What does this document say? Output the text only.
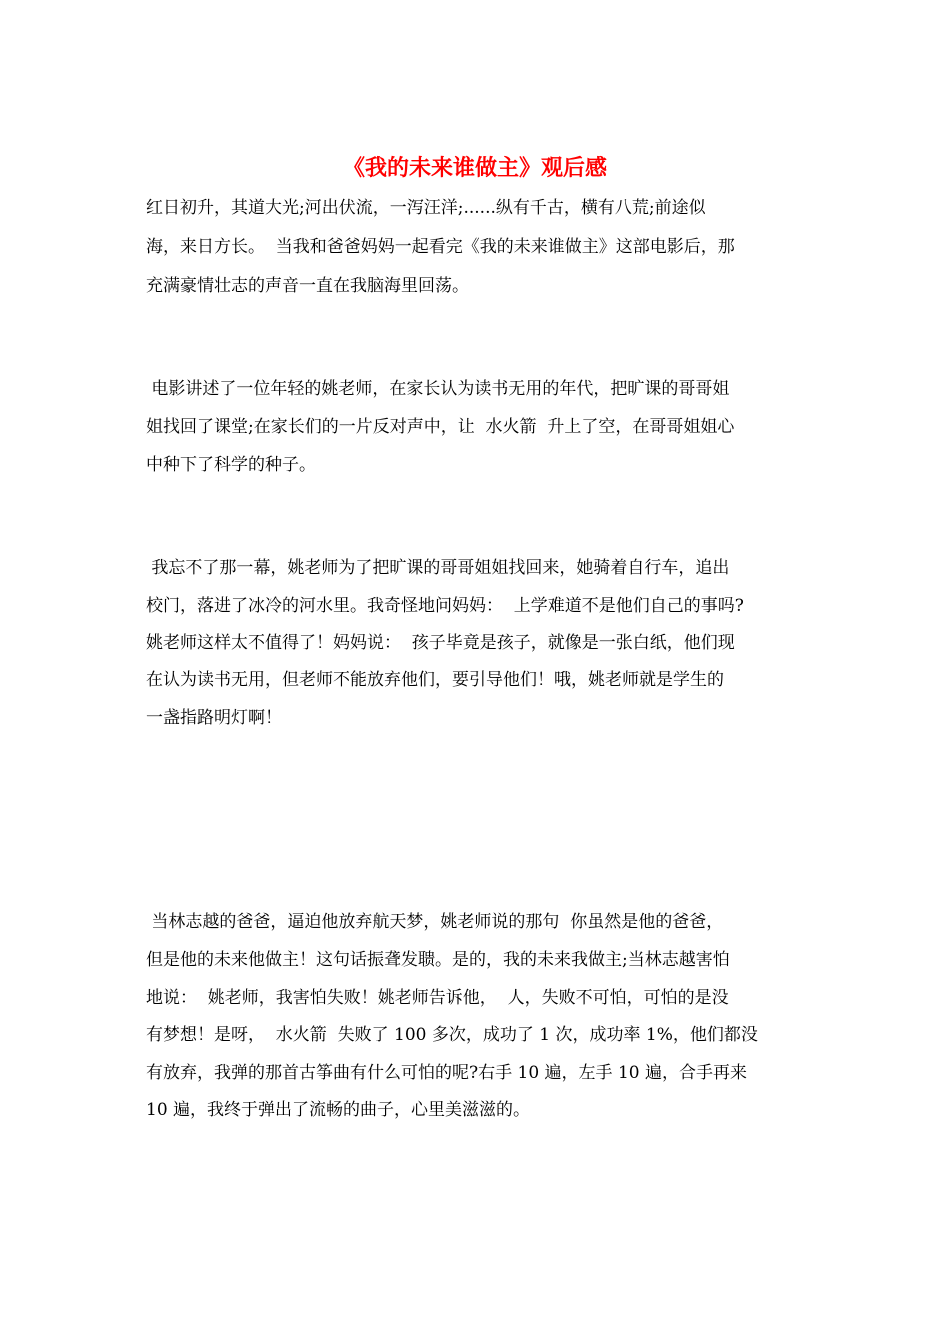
《我的未来谁做主》观后感

红日初升，其道大光;河出伏流，一泻汪洋;......纵有千古，横有八荒;前途似

海，来日方长。  当我和爸爸妈妈一起看完《我的未来谁做主》这部电影后，那

充满豪情壮志的声音一直在我脑海里回荡。

电影讲述了一位年轻的姚老师，在家长认为读书无用的年代，把旷课的哥哥姐

姐找回了课堂;在家长们的一片反对声中，让  水火箭  升上了空，在哥哥姐姐心

中种下了科学的种子。

我忘不了那一幕，姚老师为了把旷课的哥哥姐姐找回来，她骑着自行车，追出

校门，落进了冰冷的河水里。我奇怪地问妈妈：  上学难道不是他们自己的事吗?

姚老师这样太不值得了！妈妈说：  孩子毕竟是孩子，就像是一张白纸，他们现

在认为读书无用，但老师不能放弃他们，要引导他们！哦，姚老师就是学生的

一盏指路明灯啊！

当林志越的爸爸，逼迫他放弃航天梦，姚老师说的那句  你虽然是他的爸爸，

但是他的未来他做主！这句话振聋发聩。是的，我的未来我做主;当林志越害怕

地说：  姚老师，我害怕失败！姚老师告诉他，  人，失败不可怕，可怕的是没

有梦想！是呀，  水火箭  失败了 100 多次，成功了 1 次，成功率 1%，他们都没

有放弃，我弹的那首古筝曲有什么可怕的呢?右手 10 遍，左手 10 遍，合手再来

10 遍，我终于弹出了流畅的曲子，心里美滋滋的。
